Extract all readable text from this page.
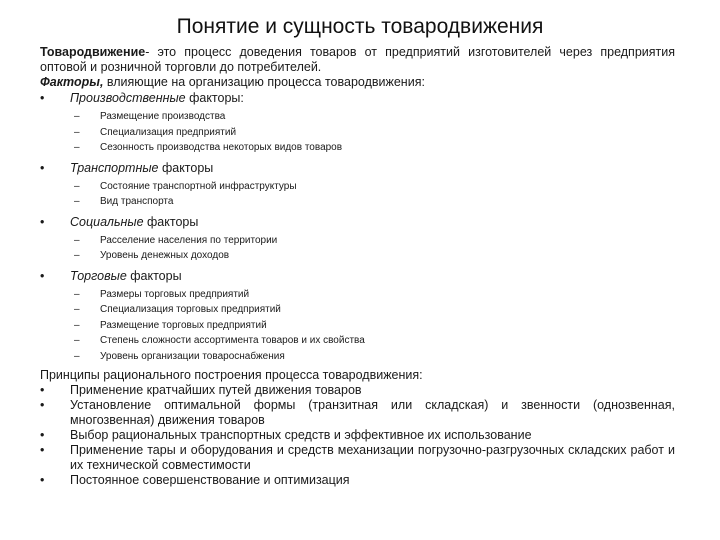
Понятие и сущность товародвижения
Товародвижение- это процесс доведения товаров от предприятий изготовителей через предприятия оптовой и розничной торговли до потребителей.
Факторы, влияющие на организацию процесса товародвижения:
• Производственные факторы:
– Размещение производства
– Специализация предприятий
– Сезонность производства некоторых видов товаров
• Транспортные факторы
– Состояние транспортной инфраструктуры
– Вид транспорта
• Социальные факторы
– Расселение населения по территории
– Уровень денежных доходов
• Торговые факторы
– Размеры торговых предприятий
– Специализация торговых предприятий
– Размещение торговых предприятий
– Степень сложности ассортимента товаров и их свойства
– Уровень организации товароснабжения
Принципы рационального построения процесса товародвижения:
• Применение кратчайших путей движения товаров
• Установление оптимальной формы (транзитная или складская) и звенности (однозвенная, многозвенная) движения товаров
• Выбор рациональных транспортных средств и эффективное их использование
• Применение тары и оборудования и средств механизации погрузочно-разгрузочных складских работ и их технической совместимости
• Постоянное совершенствование и оптимизация
